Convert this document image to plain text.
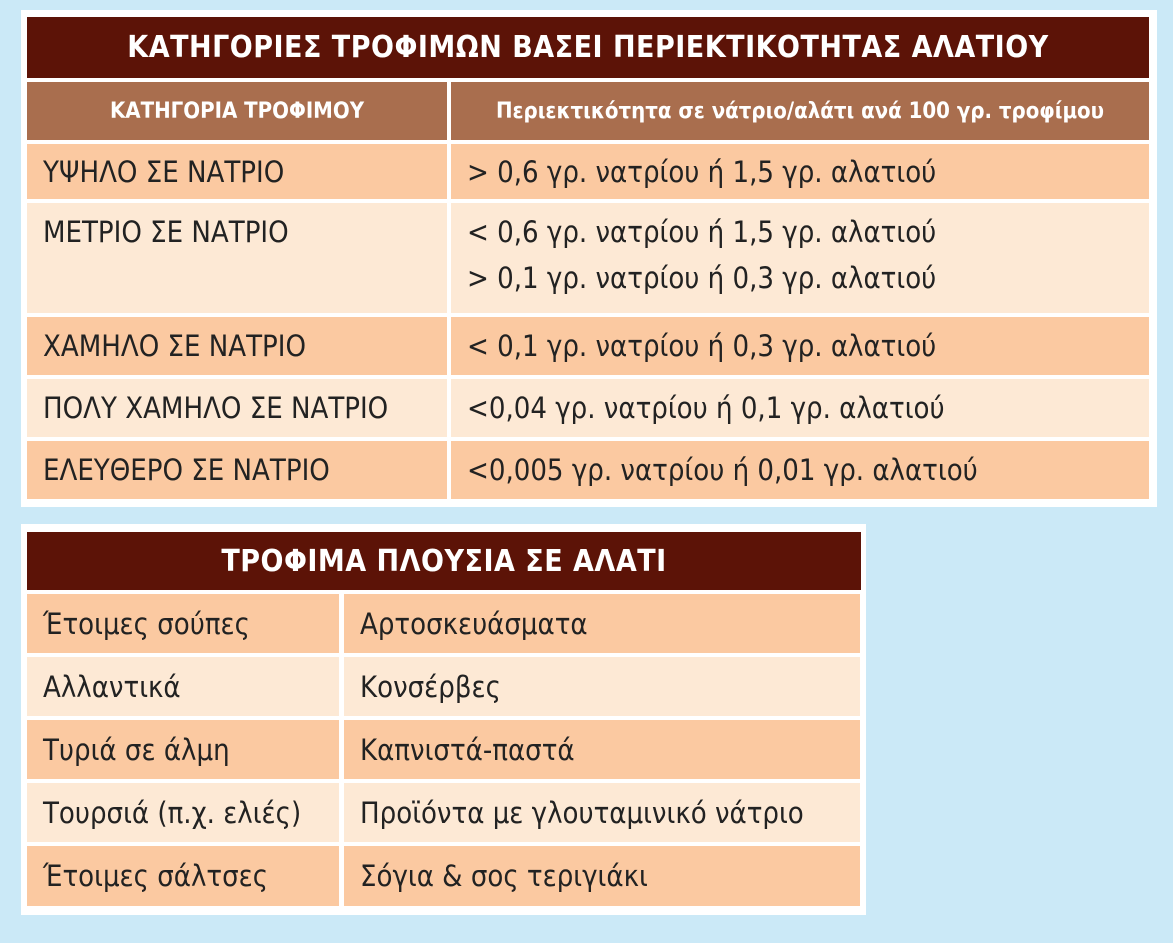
ΚΑΤΗΓΟΡΙΕΣ ΤΡΟΦΙΜΩΝ ΒΑΣΕΙ ΠΕΡΙΕΚΤΙΚΟΤΗΤΑΣ ΑΛΑΤΙΟΥ
ΚΑΤΗΓΟΡΙΑ ΤΡΟΦΙΜΟΥ	Περιεκτικότητα σε νάτριο/αλάτι ανά 100 γρ. τροφίμου
ΥΨΗΛΟ ΣΕ ΝΑΤΡΙΟ	> 0,6 γρ. νατρίου ή 1,5 γρ. αλατιού
ΜΕΤΡΙΟ ΣΕ ΝΑΤΡΙΟ	< 0,6 γρ. νατρίου ή 1,5 γρ. αλατιού
> 0,1 γρ. νατρίου ή 0,3 γρ. αλατιού
ΧΑΜΗΛΟ ΣΕ ΝΑΤΡΙΟ	< 0,1 γρ. νατρίου ή 0,3 γρ. αλατιού
ΠΟΛΥ ΧΑΜΗΛΟ ΣΕ ΝΑΤΡΙΟ	<0,04 γρ. νατρίου ή 0,1 γρ. αλατιού
ΕΛΕΥΘΕΡΟ ΣΕ ΝΑΤΡΙΟ	<0,005 γρ. νατρίου ή 0,01 γρ. αλατιού
ΤΡΟΦΙΜΑ ΠΛΟΥΣΙΑ ΣΕ ΑΛΑΤΙ
Έτοιμες σούπες	Αρτοσκευάσματα
Αλλαντικά	Κονσέρβες
Τυριά σε άλμη	Καπνιστά-παστά
Τουρσιά (π.χ. ελιές)	Προϊόντα με γλουταμινικό νάτριο
Έτοιμες σάλτσες	Σόγια & σος τεριγιάκι
